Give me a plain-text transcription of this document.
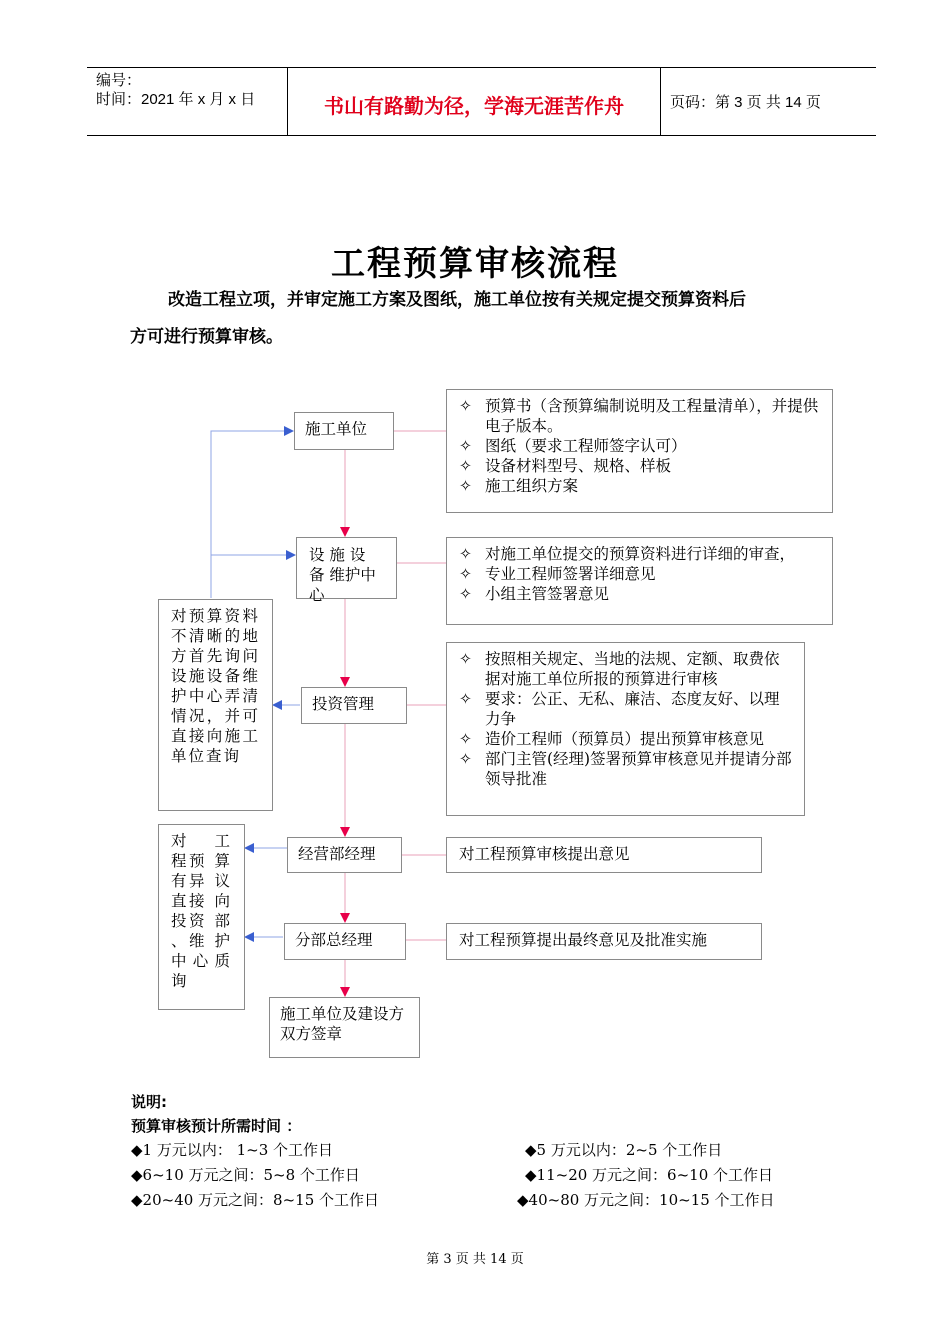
编号：
时间：2021 年 x 月 x 日	书山有路勤为径，学海无涯苦作舟	页码：第 3 页 共 14 页
工程预算审核流程
改造工程立项，并审定施工方案及图纸，施工单位按有关规定提交预算资料后
方可进行预算审核。
施工单位
设 施 设 备 维护中心
投资管理
经营部经理
分部总经理
施工单位及建设方双方签章
对预算资料不清晰的地方首先询问设施设备维护中心弄清情况，并可直接向施工单位查询
对 工 程预 算 有异 议 直接 向 投资 部 、维 护 中心质询
✧ 预算书（含预算编制说明及工程量清单），并提供电子版本。
✧ 图纸（要求工程师签字认可）
✧ 设备材料型号、规格、样板
✧ 施工组织方案
✧ 对施工单位提交的预算资料进行详细的审查，
✧ 专业工程师签署详细意见
✧ 小组主管签署意见
✧ 按照相关规定、当地的法规、定额、取费依据对施工单位所报的预算进行审核
✧ 要求：公正、无私、廉洁、态度友好、以理力争
✧ 造价工程师（预算员）提出预算审核意见
✧ 部门主管(经理)签署预算审核意见并提请分部领导批准
对工程预算审核提出意见
对工程预算提出最终意见及批准实施
说明:
预算审核预计所需时间 ：
◆1 万元以内： 1~3 个工作日	◆5 万元以内：2~5 个工作日
◆6~10 万元之间：5~8 个工作日	◆11~20 万元之间：6~10 个工作日
◆20~40 万元之间：8~15 个工作日	◆40~80 万元之间：10~15 个工作日
第 3 页 共 14 页
